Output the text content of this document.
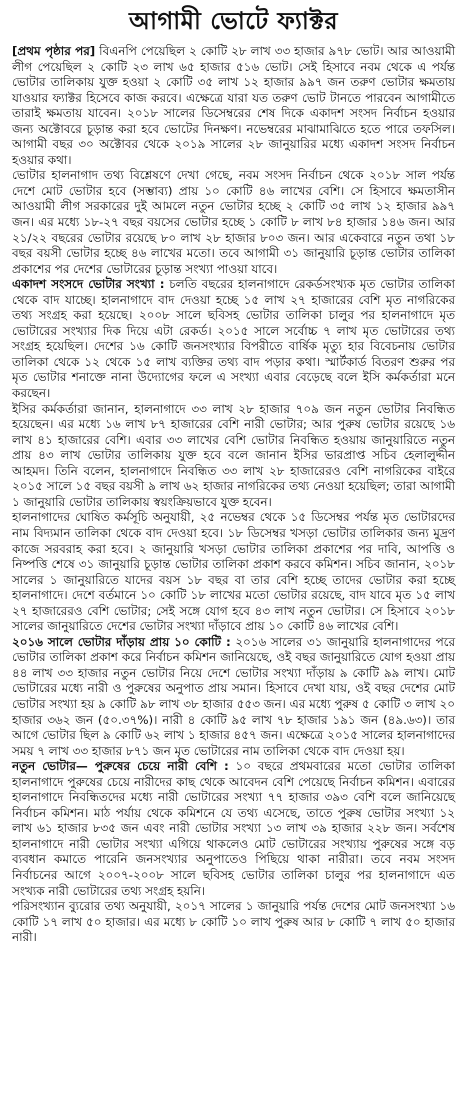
আগামী ভোটে ফ্যাক্টর

[প্রথম পৃষ্ঠার পর] বিএনপি পেয়েছিল ২ কোটি ২৮ লাখ ৩৩ হাজার ৯৭৮ ভোট। আর আওয়ামী লীগ পেয়েছিল ২ কোটি ২৩ লাখ ৬৫ হাজার ৫১৬ ভোট। সেই হিসাবে নবম থেকে এ পর্যন্ত ভোটার তালিকায় যুক্ত হওয়া ২ কোটি ৩৫ লাখ ১২ হাজার ৯৯৭ জন তরুণ ভোটার ক্ষমতায় যাওয়ার ফ্যাক্টর হিসেবে কাজ করবে। এক্ষেত্রে যারা যত তরুণ ভোট টানতে পারবেন আগামীতে তারাই ক্ষমতায় যাবেন। ২০১৮ সালের ডিসেম্বরের শেষ দিকে একাদশ সংসদ নির্বাচন হওয়ার জন্য অক্টোবরে চূড়ান্ত করা হবে ভোটের দিনক্ষণ। নভেম্বরের মাঝামাঝিতে হতে পারে তফসিল। আগামী বছর ৩০ অক্টোবর থেকে ২০১৯ সালের ২৮ জানুয়ারির মধ্যে একাদশ সংসদ নির্বাচন হওয়ার কথা।

ভোটার হালনাগাদ তথ্য বিশ্লেষণে দেখা গেছে, নবম সংসদ নির্বাচন থেকে ২০১৮ সাল পর্যন্ত দেশে মোট ভোটার হবে (সম্ভাব্য) প্রায় ১০ কোটি ৪৬ লাখের বেশি। সে হিসাবে ক্ষমতাসীন আওয়ামী লীগ সরকারের দুই আমলে নতুন ভোটার হচ্ছে ২ কোটি ৩৫ লাখ ১২ হাজার ৯৯৭ জন। এর মধ্যে ১৮-২৭ বছর বয়সের ভোটার হচ্ছে ১ কোটি ৮ লাখ ৮৪ হাজার ১৪৬ জন। আর ২১/২২ বছরের ভোটার রয়েছে ৮০ লাখ ২৮ হাজার ৮০৩ জন। আর একেবারে নতুন তথা ১৮ বছর বয়সী ভোটার হচ্ছে ৪৬ লাখের মতো। তবে আগামী ৩১ জানুয়ারি চূড়ান্ত ভোটার তালিকা প্রকাশের পর দেশের ভোটারের চূড়ান্ত সংখ্যা পাওয়া যাবে।

একাদশ সংসদে ভোটার সংখ্যা : চলতি বছরের হালনাগাদে রেকর্ডসংখ্যক মৃত ভোটার তালিকা থেকে বাদ যাচ্ছে। হালনাগাদে বাদ দেওয়া হচ্ছে ১৫ লাখ ২৭ হাজারের বেশি মৃত নাগরিকের তথ্য সংগ্রহ করা হয়েছে। ২০০৮ সালে ছবিসহ ভোটার তালিকা চালুর পর হালনাগাদে মৃত ভোটারের সংখ্যার দিক দিয়ে এটা রেকর্ড। ২০১৫ সালে সর্বোচ্চ ৭ লাখ মৃত ভোটারের তথ্য সংগ্রহ হয়েছিল। দেশের ১৬ কোটি জনসংখ্যার বিপরীতে বার্ষিক মৃত্যু হার বিবেচনায় ভোটার তালিকা থেকে ১২ থেকে ১৫ লাখ ব্যক্তির তথ্য বাদ পড়ার কথা। স্মার্টকার্ড বিতরণ শুরুর পর মৃত ভোটার শনাক্তে নানা উদ্যোগের ফলে এ সংখ্যা এবার বেড়েছে বলে ইসি কর্মকর্তারা মনে করছেন।

ইসির কর্মকর্তারা জানান, হালনাগাদে ৩৩ লাখ ২৮ হাজার ৭০৯ জন নতুন ভোটার নিবন্ধিত হয়েছেন। এর মধ্যে ১৬ লাখ ৮৭ হাজারের বেশি নারী ভোটার; আর পুরুষ ভোটার রয়েছে ১৬ লাখ ৪১ হাজারের বেশি। এবার ৩৩ লাখের বেশি ভোটার নিবন্ধিত হওয়ায় জানুয়ারিতে নতুন প্রায় ৪৩ লাখ ভোটার তালিকায় যুক্ত হবে বলে জানান ইসির ভারপ্রাপ্ত সচিব হেলালুদ্দীন আহমদ। তিনি বলেন, হালনাগাদে নিবন্ধিত ৩৩ লাখ ২৮ হাজারেরও বেশি নাগরিকের বাইরে ২০১৫ সালে ১৫ বছর বয়সী ৯ লাখ ৬২ হাজার নাগরিকের তথ্য নেওয়া হয়েছিল; তারা আগামী ১ জানুয়ারি ভোটার তালিকায় স্বয়ংক্রিয়ভাবে যুক্ত হবেন।

হালনাগাদের ঘোষিত কর্মসূচি অনুযায়ী, ২৫ নভেম্বর থেকে ১৫ ডিসেম্বর পর্যন্ত মৃত ভোটারদের নাম বিদ্যমান তালিকা থেকে বাদ দেওয়া হবে। ১৮ ডিসেম্বর খসড়া ভোটার তালিকার জন্য মুদ্রণ কাজে সরবরাহ করা হবে। ২ জানুয়ারি খসড়া ভোটার তালিকা প্রকাশের পর দাবি, আপত্তি ও নিষ্পত্তি শেষে ৩১ জানুয়ারি চূড়ান্ত ভোটার তালিকা প্রকাশ করবে কমিশন। সচিব জানান, ২০১৮ সালের ১ জানুয়ারিতে যাদের বয়স ১৮ বছর বা তার বেশি হচ্ছে তাদের ভোটার করা হচ্ছে হালনাগাদে। দেশে বর্তমানে ১০ কোটি ১৮ লাখের মতো ভোটার রয়েছে, বাদ যাবে মৃত ১৫ লাখ ২৭ হাজারেরও বেশি ভোটার; সেই সঙ্গে যোগ হবে ৪৩ লাখ নতুন ভোটার। সে হিসাবে ২০১৮ সালের জানুয়ারিতে দেশের ভোটার সংখ্যা দাঁড়াবে প্রায় ১০ কোটি ৪৬ লাখের বেশি।

২০১৬ সালে ভোটার দাঁড়ায় প্রায় ১০ কোটি : ২০১৬ সালের ৩১ জানুয়ারি হালনাগাদের পরে ভোটার তালিকা প্রকাশ করে নির্বাচন কমিশন জানিয়েছে, ওই বছর জানুয়ারিতে যোগ হওয়া প্রায় ৪৪ লাখ ৩৩ হাজার নতুন ভোটার নিয়ে দেশে ভোটার সংখ্যা দাঁড়ায় ৯ কোটি ৯৯ লাখ। মোট ভোটারের মধ্যে নারী ও পুরুষের অনুপাত প্রায় সমান। হিসাবে দেখা যায়, ওই বছর দেশের মোট ভোটার সংখ্যা হয় ৯ কোটি ৯৮ লাখ ৩৮ হাজার ৫৫৩ জন। এর মধ্যে পুরুষ ৫ কোটি ৩ লাখ ২০ হাজার ৩৬২ জন (৫০.৩৭%)। নারী ৪ কোটি ৯৫ লাখ ৭৮ হাজার ১৯১ জন (৪৯.৬৩)। তার আগে ভোটার ছিল ৯ কোটি ৬২ লাখ ১ হাজার ৪৫৭ জন। এক্ষেত্রে ২০১৫ সালের হালনাগাদের সময় ৭ লাখ ৩৩ হাজার ৮৭১ জন মৃত ভোটারের নাম তালিকা থেকে বাদ দেওয়া হয়।

নতুন ভোটার— পুরুষের চেয়ে নারী বেশি : ১০ বছরে প্রথমবারের মতো ভোটার তালিকা হালনাগাদে পুরুষের চেয়ে নারীদের কাছ থেকে আবেদন বেশি পেয়েছে নির্বাচন কমিশন। এবারের হালনাগাদে নিবন্ধিতদের মধ্যে নারী ভোটারের সংখ্যা ৭৭ হাজার ৩৯৩ বেশি বলে জানিয়েছে নির্বাচন কমিশন। মাঠ পর্যায় থেকে কমিশনে যে তথ্য এসেছে, তাতে পুরুষ ভোটার সংখ্যা ১২ লাখ ৬১ হাজার ৮৩৫ জন এবং নারী ভোটার সংখ্যা ১৩ লাখ ৩৯ হাজার ২২৮ জন। সর্বশেষ হালনাগাদে নারী ভোটার সংখ্যা এগিয়ে থাকলেও মোট ভোটারের সংখ্যায় পুরুষের সঙ্গে বড় ব্যবধান কমাতে পারেনি জনসংখ্যার অনুপাতেও পিছিয়ে থাকা নারীরা। তবে নবম সংসদ নির্বাচনের আগে ২০০৭-২০০৮ সালে ছবিসহ ভোটার তালিকা চালুর পর হালনাগাদে এত সংখ্যক নারী ভোটারের তথ্য সংগ্রহ হয়নি।

পরিসংখ্যান ব্যুরোর তথ্য অনুযায়ী, ২০১৭ সালের ১ জানুয়ারি পর্যন্ত দেশের মোট জনসংখ্যা ১৬ কোটি ১৭ লাখ ৫০ হাজার। এর মধ্যে ৮ কোটি ১০ লাখ পুরুষ আর ৮ কোটি ৭ লাখ ৫০ হাজার নারী।
